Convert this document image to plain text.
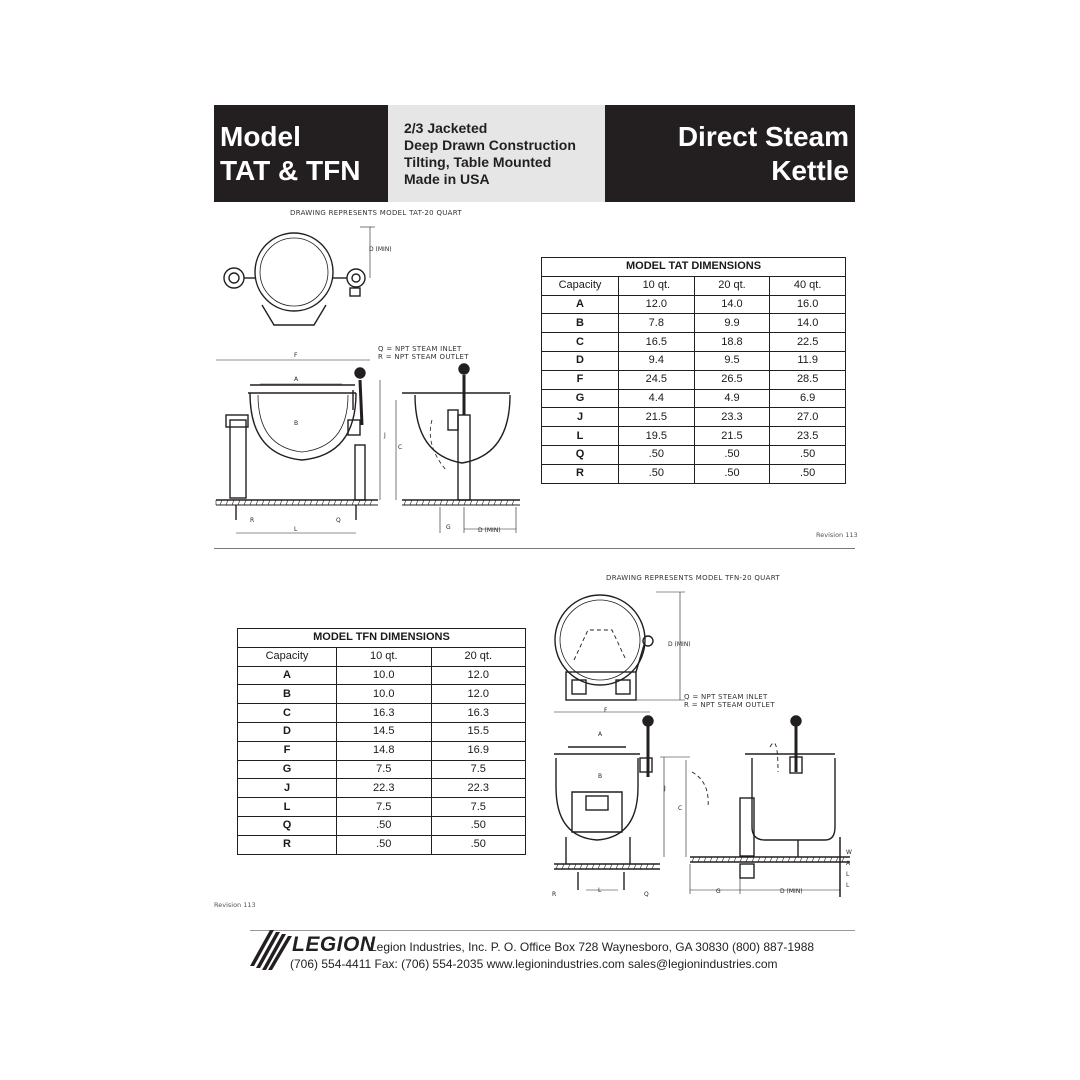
Model
TAT & TFN
2/3 Jacketed
Deep Drawn Construction
Tilting, Table Mounted
Made in USA
Direct Steam
Kettle
DRAWING REPRESENTS MODEL TAT-20 QUART
D (MIN)
F
A
B
J
C
R
L
Q
G	D (MIN)
Q = NPT STEAM INLET
R = NPT STEAM OUTLET
MODEL TAT DIMENSIONS			
Capacity	10 qt.	20 qt.	40 qt.
A	12.0	14.0	16.0
B	7.8	9.9	14.0
C	16.5	18.8	22.5
D	9.4	9.5	11.9
F	24.5	26.5	28.5
G	4.4	4.9	6.9
J	21.5	23.3	27.0
L	19.5	21.5	23.5
Q	.50	.50	.50
R	.50	.50	.50
Revision 113
DRAWING REPRESENTS MODEL TFN-20 QUART
D (MIN)
F
A
B
J
C
R
L
Q	G	D (MIN)
W
A
L
L
Q = NPT STEAM INLET
R = NPT STEAM OUTLET
MODEL TFN DIMENSIONS		
Capacity	10 qt.	20 qt.
A	10.0	12.0
B	10.0	12.0
C	16.3	16.3
D	14.5	15.5
F	14.8	16.9
G	7.5	7.5
J	22.3	22.3
L	7.5	7.5
Q	.50	.50
R	.50	.50
Revision 113
LEGION
Legion Industries, Inc. P. O. Office Box 728 Waynesboro, GA 30830 (800) 887-1988
(706) 554-4411 Fax: (706) 554-2035 www.legionindustries.com sales@legionindustries.com
